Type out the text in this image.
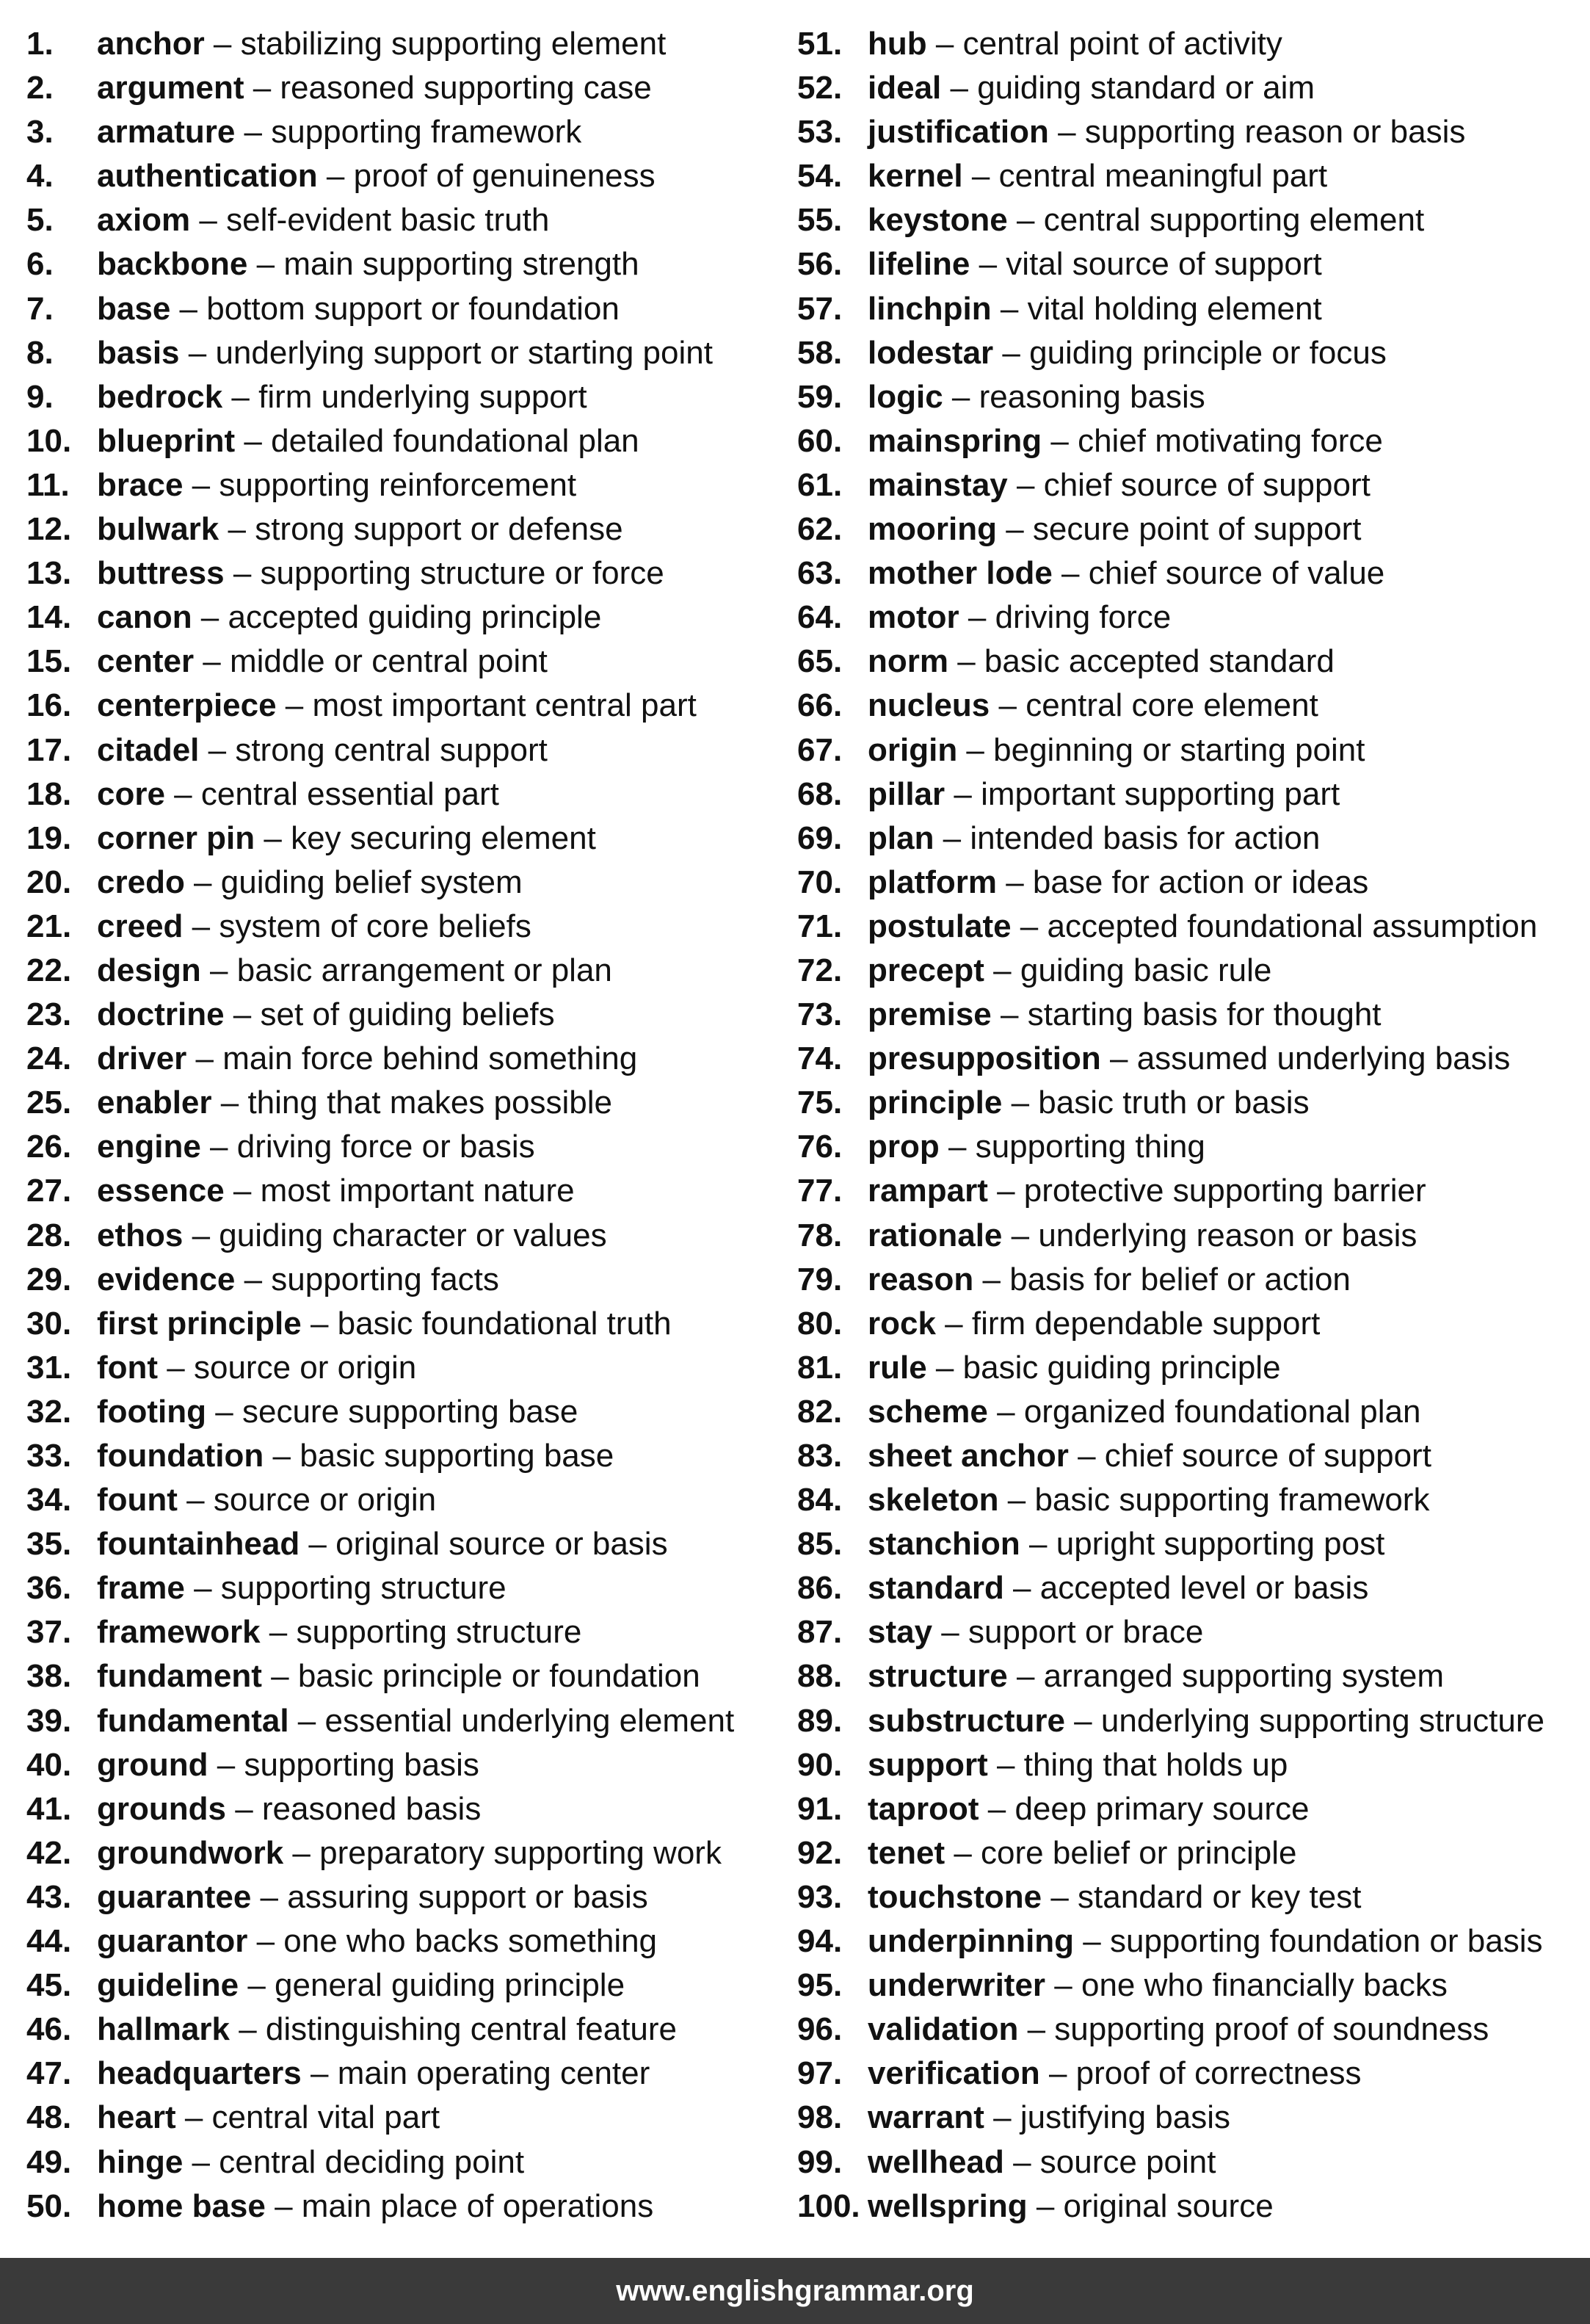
1. anchor – stabilizing supporting element
2. argument – reasoned supporting case
3. armature – supporting framework
4. authentication – proof of genuineness
5. axiom – self-evident basic truth
6. backbone – main supporting strength
7. base – bottom support or foundation
8. basis – underlying support or starting point
9. bedrock – firm underlying support
10. blueprint – detailed foundational plan
11. brace – supporting reinforcement
12. bulwark – strong support or defense
13. buttress – supporting structure or force
14. canon – accepted guiding principle
15. center – middle or central point
16. centerpiece – most important central part
17. citadel – strong central support
18. core – central essential part
19. corner pin – key securing element
20. credo – guiding belief system
21. creed – system of core beliefs
22. design – basic arrangement or plan
23. doctrine – set of guiding beliefs
24. driver – main force behind something
25. enabler – thing that makes possible
26. engine – driving force or basis
27. essence – most important nature
28. ethos – guiding character or values
29. evidence – supporting facts
30. first principle – basic foundational truth
31. font – source or origin
32. footing – secure supporting base
33. foundation – basic supporting base
34. fount – source or origin
35. fountainhead – original source or basis
36. frame – supporting structure
37. framework – supporting structure
38. fundament – basic principle or foundation
39. fundamental – essential underlying element
40. ground – supporting basis
41. grounds – reasoned basis
42. groundwork – preparatory supporting work
43. guarantee – assuring support or basis
44. guarantor – one who backs something
45. guideline – general guiding principle
46. hallmark – distinguishing central feature
47. headquarters – main operating center
48. heart – central vital part
49. hinge – central deciding point
50. home base – main place of operations
51. hub – central point of activity
52. ideal – guiding standard or aim
53. justification – supporting reason or basis
54. kernel – central meaningful part
55. keystone – central supporting element
56. lifeline – vital source of support
57. linchpin – vital holding element
58. lodestar – guiding principle or focus
59. logic – reasoning basis
60. mainspring – chief motivating force
61. mainstay – chief source of support
62. mooring – secure point of support
63. mother lode – chief source of value
64. motor – driving force
65. norm – basic accepted standard
66. nucleus – central core element
67. origin – beginning or starting point
68. pillar – important supporting part
69. plan – intended basis for action
70. platform – base for action or ideas
71. postulate – accepted foundational assumption
72. precept – guiding basic rule
73. premise – starting basis for thought
74. presupposition – assumed underlying basis
75. principle – basic truth or basis
76. prop – supporting thing
77. rampart – protective supporting barrier
78. rationale – underlying reason or basis
79. reason – basis for belief or action
80. rock – firm dependable support
81. rule – basic guiding principle
82. scheme – organized foundational plan
83. sheet anchor – chief source of support
84. skeleton – basic supporting framework
85. stanchion – upright supporting post
86. standard – accepted level or basis
87. stay – support or brace
88. structure – arranged supporting system
89. substructure – underlying supporting structure
90. support – thing that holds up
91. taproot – deep primary source
92. tenet – core belief or principle
93. touchstone – standard or key test
94. underpinning – supporting foundation or basis
95. underwriter – one who financially backs
96. validation – supporting proof of soundness
97. verification – proof of correctness
98. warrant – justifying basis
99. wellhead – source point
100. wellspring – original source
www.englishgrammar.org
